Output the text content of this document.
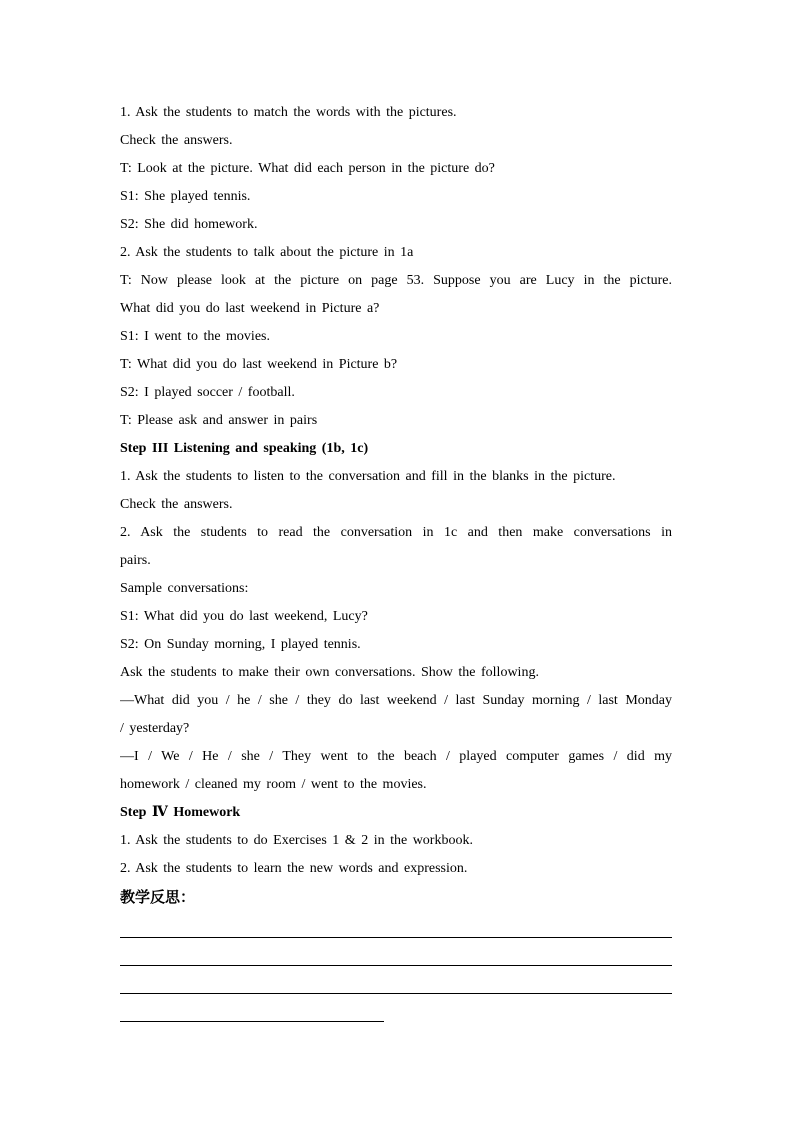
1. Ask the students to match the words with the pictures.
Check the answers.
T: Look at the picture. What did each person in the picture do?
S1: She played tennis.
S2: She did homework.
2. Ask the students to talk about the picture in 1a
T: Now please look at the picture on page 53. Suppose you are Lucy in the picture.
What did you do last weekend in Picture a?
S1: I went to the movies.
T: What did you do last weekend in Picture b?
S2: I played soccer / football.
T: Please ask and answer in pairs
Step III Listening and speaking (1b, 1c)
1. Ask the students to listen to the conversation and fill in the blanks in the picture.
Check the answers.
2. Ask the students to read the conversation in 1c and then make conversations in
pairs.
Sample conversations:
S1: What did you do last weekend, Lucy?
S2: On Sunday morning, I played tennis.
Ask the students to make their own conversations. Show the following.
—What did you / he / she / they do last weekend / last Sunday morning / last Monday
/ yesterday?
—I / We / He / she / They went to the beach / played computer games / did my
homework / cleaned my room / went to the movies.
Step Ⅳ Homework
1. Ask the students to do Exercises 1 & 2 in the workbook.
2. Ask the students to learn the new words and expression.
教学反思：
